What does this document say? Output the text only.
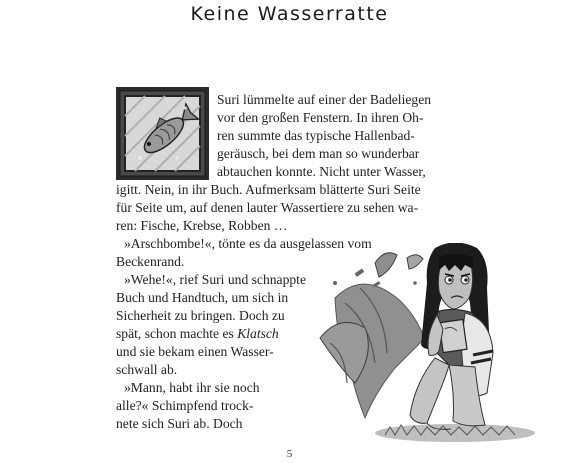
Keine Wasserratte
Suri lümmelte auf einer der Badeliegen
vor den großen Fenstern. In ihren Oh-
ren summte das typische Hallenbad-
geräusch, bei dem man so wunderbar
abtauchen konnte. Nicht unter Wasser,
igitt. Nein, in ihr Buch. Aufmerksam blätterte Suri Seite
für Seite um, auf denen lauter Wassertiere zu sehen wa-
ren: Fische, Krebse, Robben …
»Arschbombe!«, tönte es da ausgelassen vom
Beckenrand.
»Wehe!«, rief Suri und schnappte
Buch und Handtuch, um sich in
Sicherheit zu bringen. Doch zu
spät, schon machte es Klatsch
und sie bekam einen Wasser-
schwall ab.
»Mann, habt ihr sie noch
alle?« Schimpfend trock-
nete sich Suri ab. Doch
5
